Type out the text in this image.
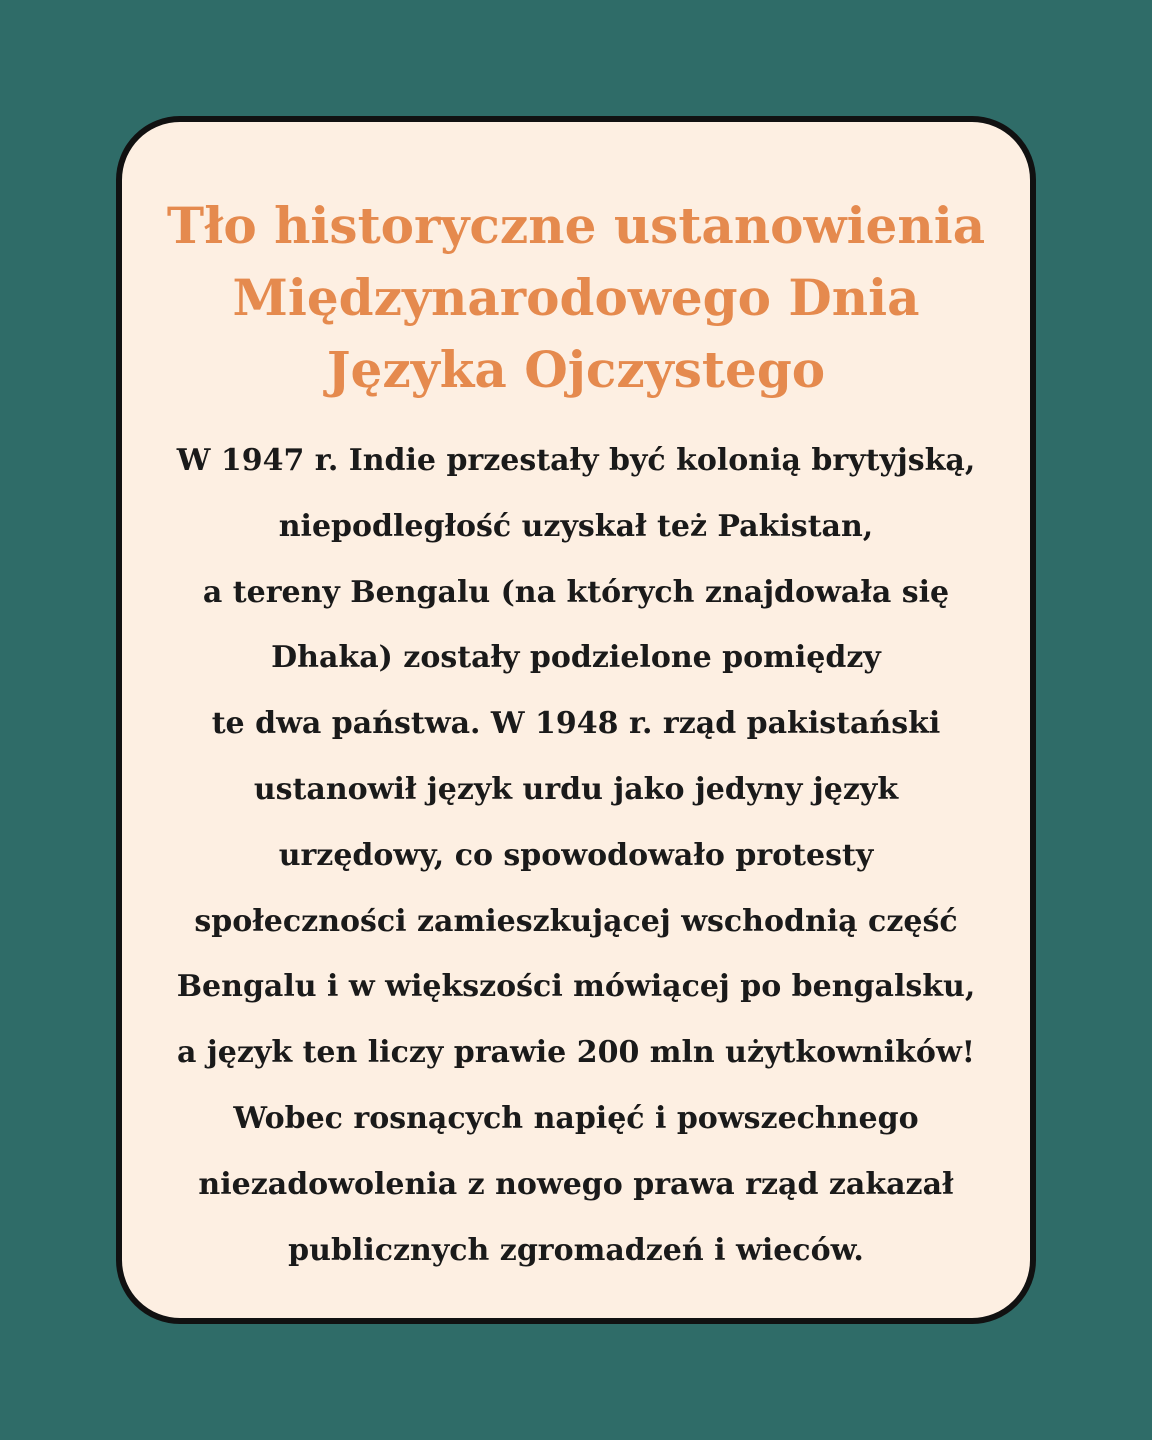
Tło historyczne ustanowienia
Międzynarodowego Dnia
Języka Ojczystego
W 1947 r. Indie przestały być kolonią brytyjską,
niepodległość uzyskał też Pakistan,
a tereny Bengalu (na których znajdowała się
Dhaka) zostały podzielone pomiędzy
te dwa państwa. W 1948 r. rząd pakistański
ustanowił język urdu jako jedyny język
urzędowy, co spowodowało protesty
społeczności zamieszkującej wschodnią część
Bengalu i w większości mówiącej po bengalsku,
a język ten liczy prawie 200 mln użytkowników!
Wobec rosnących napięć i powszechnego
niezadowolenia z nowego prawa rząd zakazał
publicznych zgromadzeń i wieców.
